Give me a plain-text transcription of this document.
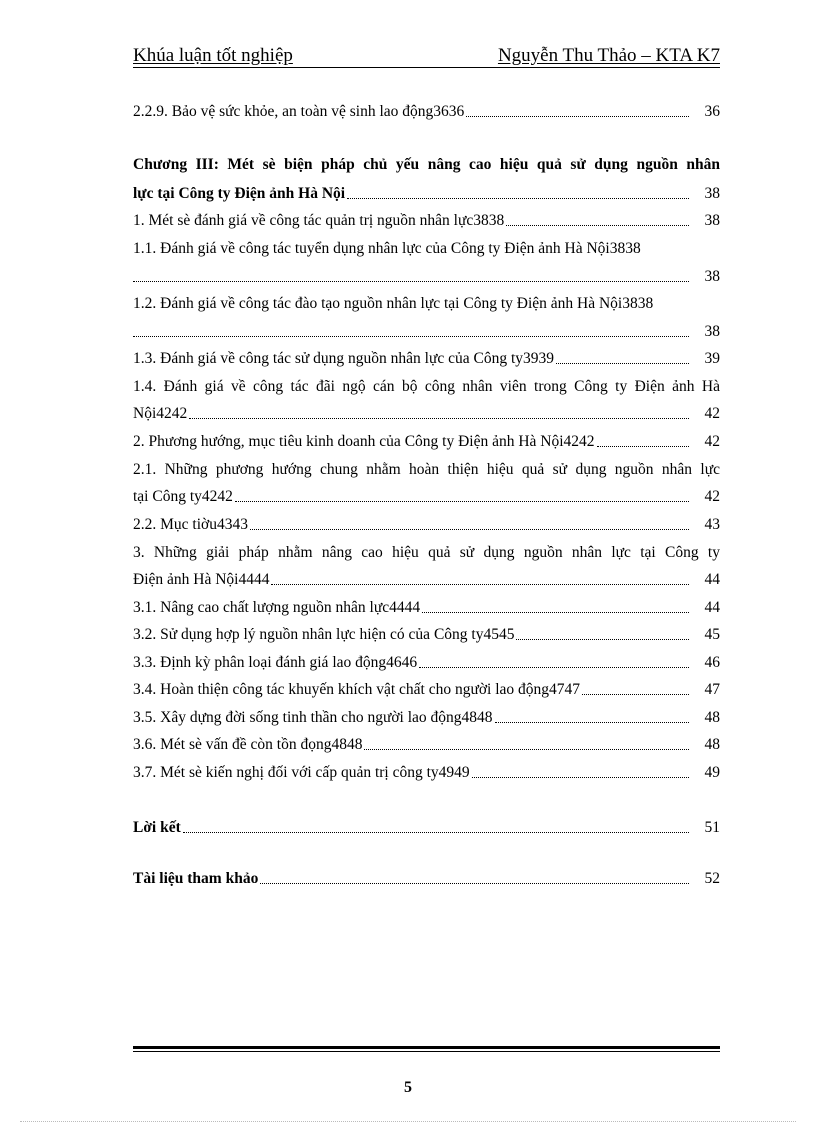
Khúa luận tốt nghiệp	Nguyễn Thu Thảo – KTA K7
2.2.9. Bảo vệ sức khỏe, an toàn vệ sinh lao động3636	36
Chương III: Mét sè biện pháp chủ yếu nâng cao hiệu quả sử dụng nguồn nhân
lực tại Công ty Điện ảnh Hà Nội	38
1. Mét sè đánh giá về công tác quản trị nguồn nhân lực3838	38
1.1. Đánh giá về công tác tuyển dụng nhân lực của Công ty Điện ảnh Hà Nội3838
38
1.2. Đánh giá về công tác đào tạo nguồn nhân lực tại Công ty Điện ảnh Hà Nội3838
38
1.3. Đánh giá về công tác sử dụng nguồn nhân lực của Công ty3939	39
1.4. Đánh giá về công tác đãi ngộ cán bộ công nhân viên trong Công ty Điện ảnh Hà
Nội4242	42
2. Phương hướng, mục tiêu kinh doanh của Công ty Điện ảnh Hà Nội4242	42
2.1. Những phương hướng chung nhằm hoàn thiện hiệu quả sử dụng nguồn nhân lực
tại Công ty4242	42
2.2. Mục tiờu4343	43
3. Những giải pháp nhằm nâng cao hiệu quả sử dụng nguồn nhân lực tại Công ty
Điện ảnh Hà Nội4444	44
3.1. Nâng cao chất lượng nguồn nhân lực4444	44
3.2. Sử dụng hợp lý nguồn nhân lực hiện có của Công ty4545	45
3.3. Định kỳ phân loại đánh giá lao động4646	46
3.4. Hoàn thiện công tác khuyến khích vật chất cho người lao động4747	47
3.5. Xây dựng đời sống tinh thần cho người lao động4848	48
3.6. Mét sè vấn đề còn tồn đọng4848	48
3.7. Mét sè kiến nghị đối với cấp quản trị công ty4949	49
Lời kết	51
Tài liệu tham khảo	52
5
